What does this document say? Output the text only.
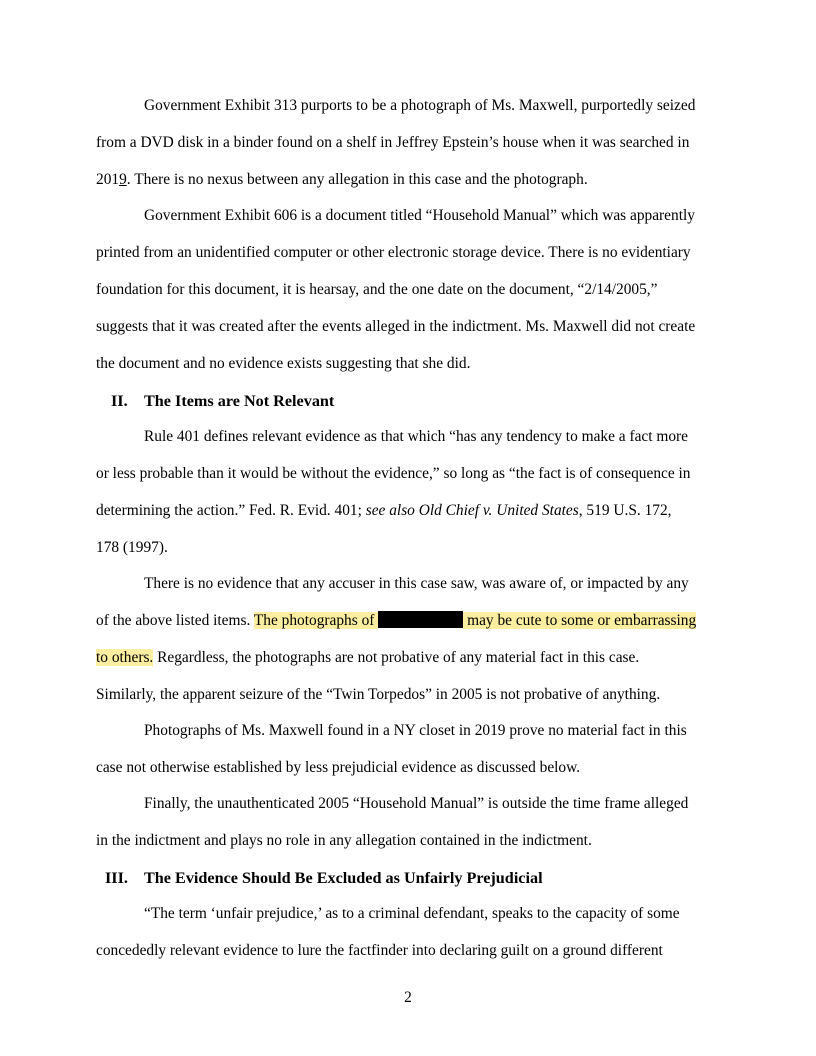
Government Exhibit 313 purports to be a photograph of Ms. Maxwell, purportedly seized
from a DVD disk in a binder found on a shelf in Jeffrey Epstein’s house when it was searched in
2019. There is no nexus between any allegation in this case and the photograph.
Government Exhibit 606 is a document titled “Household Manual” which was apparently
printed from an unidentified computer or other electronic storage device. There is no evidentiary
foundation for this document, it is hearsay, and the one date on the document, “2/14/2005,”
suggests that it was created after the events alleged in the indictment. Ms. Maxwell did not create
the document and no evidence exists suggesting that she did.
II. The Items are Not Relevant
Rule 401 defines relevant evidence as that which “has any tendency to make a fact more
or less probable than it would be without the evidence,” so long as “the fact is of consequence in
determining the action.” Fed. R. Evid. 401; see also Old Chief v. United States, 519 U.S. 172,
178 (1997).
There is no evidence that any accuser in this case saw, was aware of, or impacted by any
of the above listed items. The photographs of	may be cute to some or embarrassing
to others. Regardless, the photographs are not probative of any material fact in this case.
Similarly, the apparent seizure of the “Twin Torpedos” in 2005 is not probative of anything.
Photographs of Ms. Maxwell found in a NY closet in 2019 prove no material fact in this
case not otherwise established by less prejudicial evidence as discussed below.
Finally, the unauthenticated 2005 “Household Manual” is outside the time frame alleged
in the indictment and plays no role in any allegation contained in the indictment.
III. The Evidence Should Be Excluded as Unfairly Prejudicial
“The term ‘unfair prejudice,’ as to a criminal defendant, speaks to the capacity of some
concededly relevant evidence to lure the factfinder into declaring guilt on a ground different
2
